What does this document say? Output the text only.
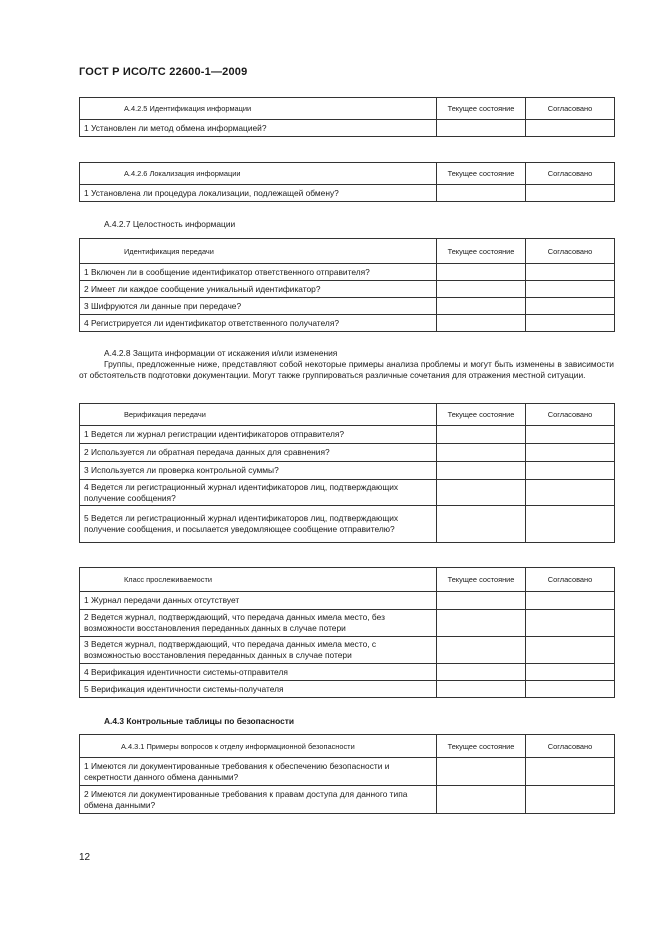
ГОСТ Р ИСО/ТС 22600-1—2009
A.4.2.5 Идентификация информации	Текущее состояние	Согласовано
1 Установлен ли метод обмена информацией?		
A.4.2.6 Локализация информации	Текущее состояние	Согласовано
1 Установлена ли процедура локализации, подлежащей обмену?		
A.4.2.7 Целостность информации
Идентификация передачи	Текущее состояние	Согласовано
1 Включен ли в сообщение идентификатор ответственного отправителя?		
2 Имеет ли каждое сообщение уникальный идентификатор?		
3 Шифруются ли данные при передаче?		
4 Регистрируется ли идентификатор ответственного получателя?		
A.4.2.8 Защита информации от искажения и/или изменения
Группы, предложенные ниже, представляют собой некоторые примеры анализа проблемы и могут быть изменены в зависимости от обстоятельств подготовки документации. Могут также группироваться различные сочетания для отражения местной ситуации.
Верификация передачи	Текущее состояние	Согласовано
1 Ведется ли журнал регистрации идентификаторов отправителя?		
2 Используется ли обратная передача данных для сравнения?		
3 Используется ли проверка контрольной суммы?		
4 Ведется ли регистрационный журнал идентификаторов лиц, подтверждающих получение сообщения?		
5 Ведется ли регистрационный журнал идентификаторов лиц, подтверждающих получение сообщения, и посылается уведомляющее сообщение отправителю?		
Класс прослеживаемости	Текущее состояние	Согласовано
1 Журнал передачи данных отсутствует		
2 Ведется журнал, подтверждающий, что передача данных имела место, без возможности восстановления переданных данных в случае потери		
3 Ведется журнал, подтверждающий, что передача данных имела место, с возможностью восстановления переданных данных в случае потери		
4 Верификация идентичности системы-отправителя		
5 Верификация идентичности системы-получателя		
A.4.3 Контрольные таблицы по безопасности
A.4.3.1 Примеры вопросов к отделу информационной безопасности	Текущее состояние	Согласовано
1 Имеются ли документированные требования к обеспечению безопасности и секретности данного обмена данными?		
2 Имеются ли документированные требования к правам доступа для данного типа обмена данными?		
12
